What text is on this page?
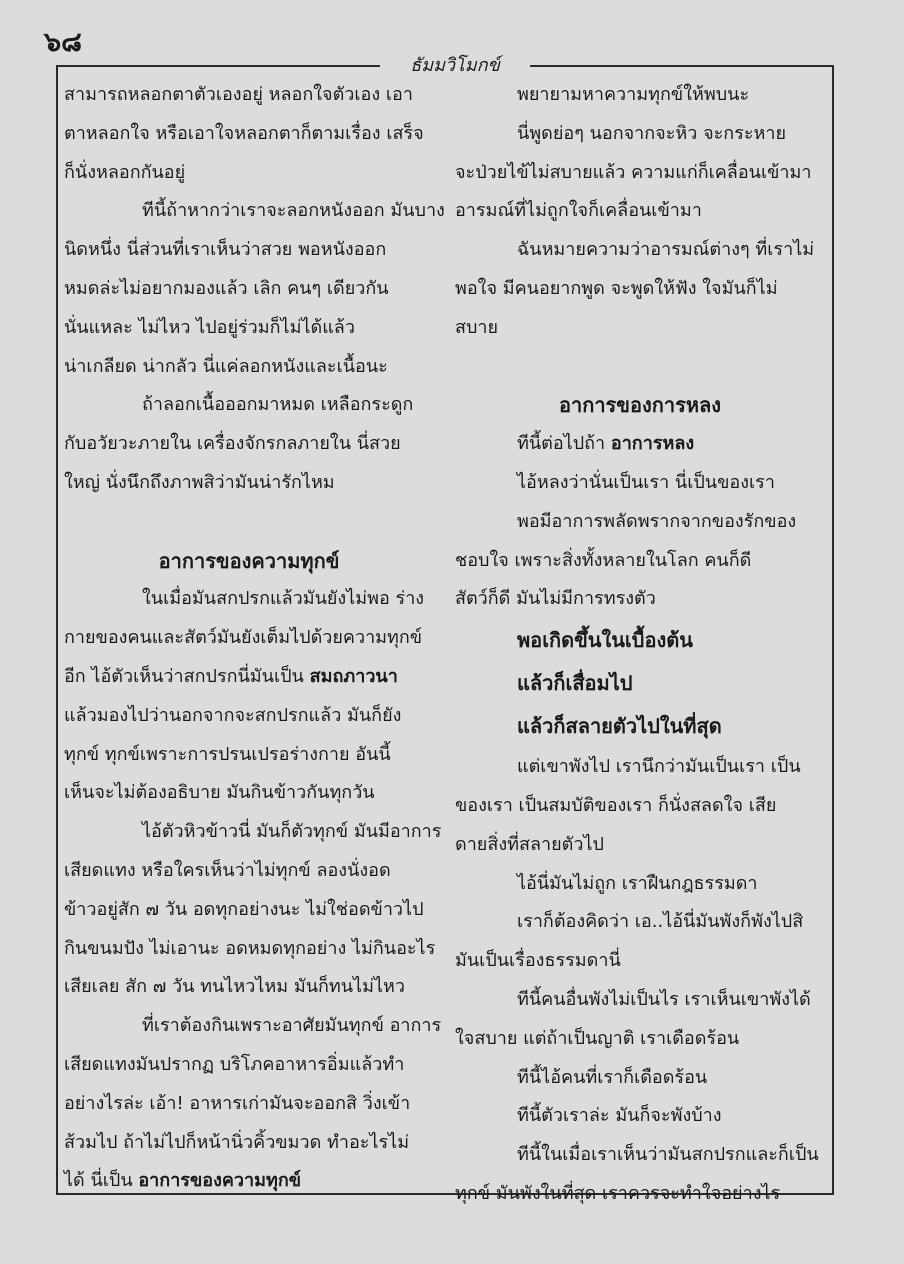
๖๘
ธัมมวิโมกข์
สามารถหลอกตาตัวเองอยู่ หลอกใจตัวเอง เอา
ตาหลอกใจ หรือเอาใจหลอกตาก็ตามเรื่อง เสร็จ
ก็นั่งหลอกกันอยู่
ทีนี้ถ้าหากว่าเราจะลอกหนังออก มันบาง
นิดหนึ่ง นี่ส่วนที่เราเห็นว่าสวย พอหนังออก
หมดล่ะไม่อยากมองแล้ว เลิก คนๆ เดียวกัน
นั่นแหละ ไม่ไหว ไปอยู่ร่วมก็ไม่ได้แล้ว
น่าเกลียด น่ากลัว นี่แค่ลอกหนังและเนื้อนะ
ถ้าลอกเนื้อออกมาหมด เหลือกระดูก
กับอวัยวะภายใน เครื่องจักรกลภายใน นี่สวย
ใหญ่ นั่งนึกถึงภาพสิว่ามันน่ารักไหม
อาการของความทุกข์
ในเมื่อมันสกปรกแล้วมันยังไม่พอ ร่าง
กายของคนและสัตว์มันยังเต็มไปด้วยความทุกข์
อีก ไอ้ตัวเห็นว่าสกปรกนี่มันเป็น สมถภาวนา
แล้วมองไปว่านอกจากจะสกปรกแล้ว มันก็ยัง
ทุกข์ ทุกข์เพราะการปรนเปรอร่างกาย อันนี้
เห็นจะไม่ต้องอธิบาย มันกินข้าวกันทุกวัน
ไอ้ตัวหิวข้าวนี่ มันก็ตัวทุกข์ มันมีอาการ
เสียดแทง หรือใครเห็นว่าไม่ทุกข์ ลองนั่งอด
ข้าวอยู่สัก ๗ วัน อดทุกอย่างนะ ไม่ใช่อดข้าวไป
กินขนมปัง ไม่เอานะ อดหมดทุกอย่าง ไม่กินอะไร
เสียเลย สัก ๗ วัน ทนไหวไหม มันก็ทนไม่ไหว
ที่เราต้องกินเพราะอาศัยมันทุกข์ อาการ
เสียดแทงมันปรากฏ บริโภคอาหารอิ่มแล้วทำ
อย่างไรล่ะ เอ้า! อาหารเก่ามันจะออกสิ วิ่งเข้า
ส้วมไป ถ้าไม่ไปก็หน้านิ่วคิ้วขมวด ทำอะไรไม่
ได้ นี่เป็น อาการของความทุกข์
พยายามหาความทุกข์ให้พบนะ
นี่พูดย่อๆ นอกจากจะหิว จะกระหาย
จะป่วยไข้ไม่สบายแล้ว ความแก่ก็เคลื่อนเข้ามา
อารมณ์ที่ไม่ถูกใจก็เคลื่อนเข้ามา
ฉันหมายความว่าอารมณ์ต่างๆ ที่เราไม่
พอใจ มีคนอยากพูด จะพูดให้ฟัง ใจมันก็ไม่
สบาย
อาการของการหลง
ทีนี้ต่อไปถ้า อาการหลง
ไอ้หลงว่านั่นเป็นเรา นี่เป็นของเรา
พอมีอาการพลัดพรากจากของรักของ
ชอบใจ เพราะสิ่งทั้งหลายในโลก คนก็ดี
สัตว์ก็ดี มันไม่มีการทรงตัว
พอเกิดขึ้นในเบื้องต้น
แล้วก็เสื่อมไป
แล้วก็สลายตัวไปในที่สุด
แต่เขาพังไป เรานึกว่ามันเป็นเรา เป็น
ของเรา เป็นสมบัติของเรา ก็นั่งสลดใจ เสีย
ดายสิ่งที่สลายตัวไป
ไอ้นี่มันไม่ถูก เราฝืนกฎธรรมดา
เราก็ต้องคิดว่า เอ..ไอ้นี่มันพังก็พังไปสิ
มันเป็นเรื่องธรรมดานี่
ทีนี้คนอื่นพังไม่เป็นไร เราเห็นเขาพังได้
ใจสบาย แต่ถ้าเป็นญาติ เราเดือดร้อน
ทีนี้ไอ้คนที่เราก็เดือดร้อน
ทีนี้ตัวเราล่ะ มันก็จะพังบ้าง
ทีนี้ในเมื่อเราเห็นว่ามันสกปรกและก็เป็น
ทุกข์ มันพังในที่สุด เราควรจะทำใจอย่างไร
